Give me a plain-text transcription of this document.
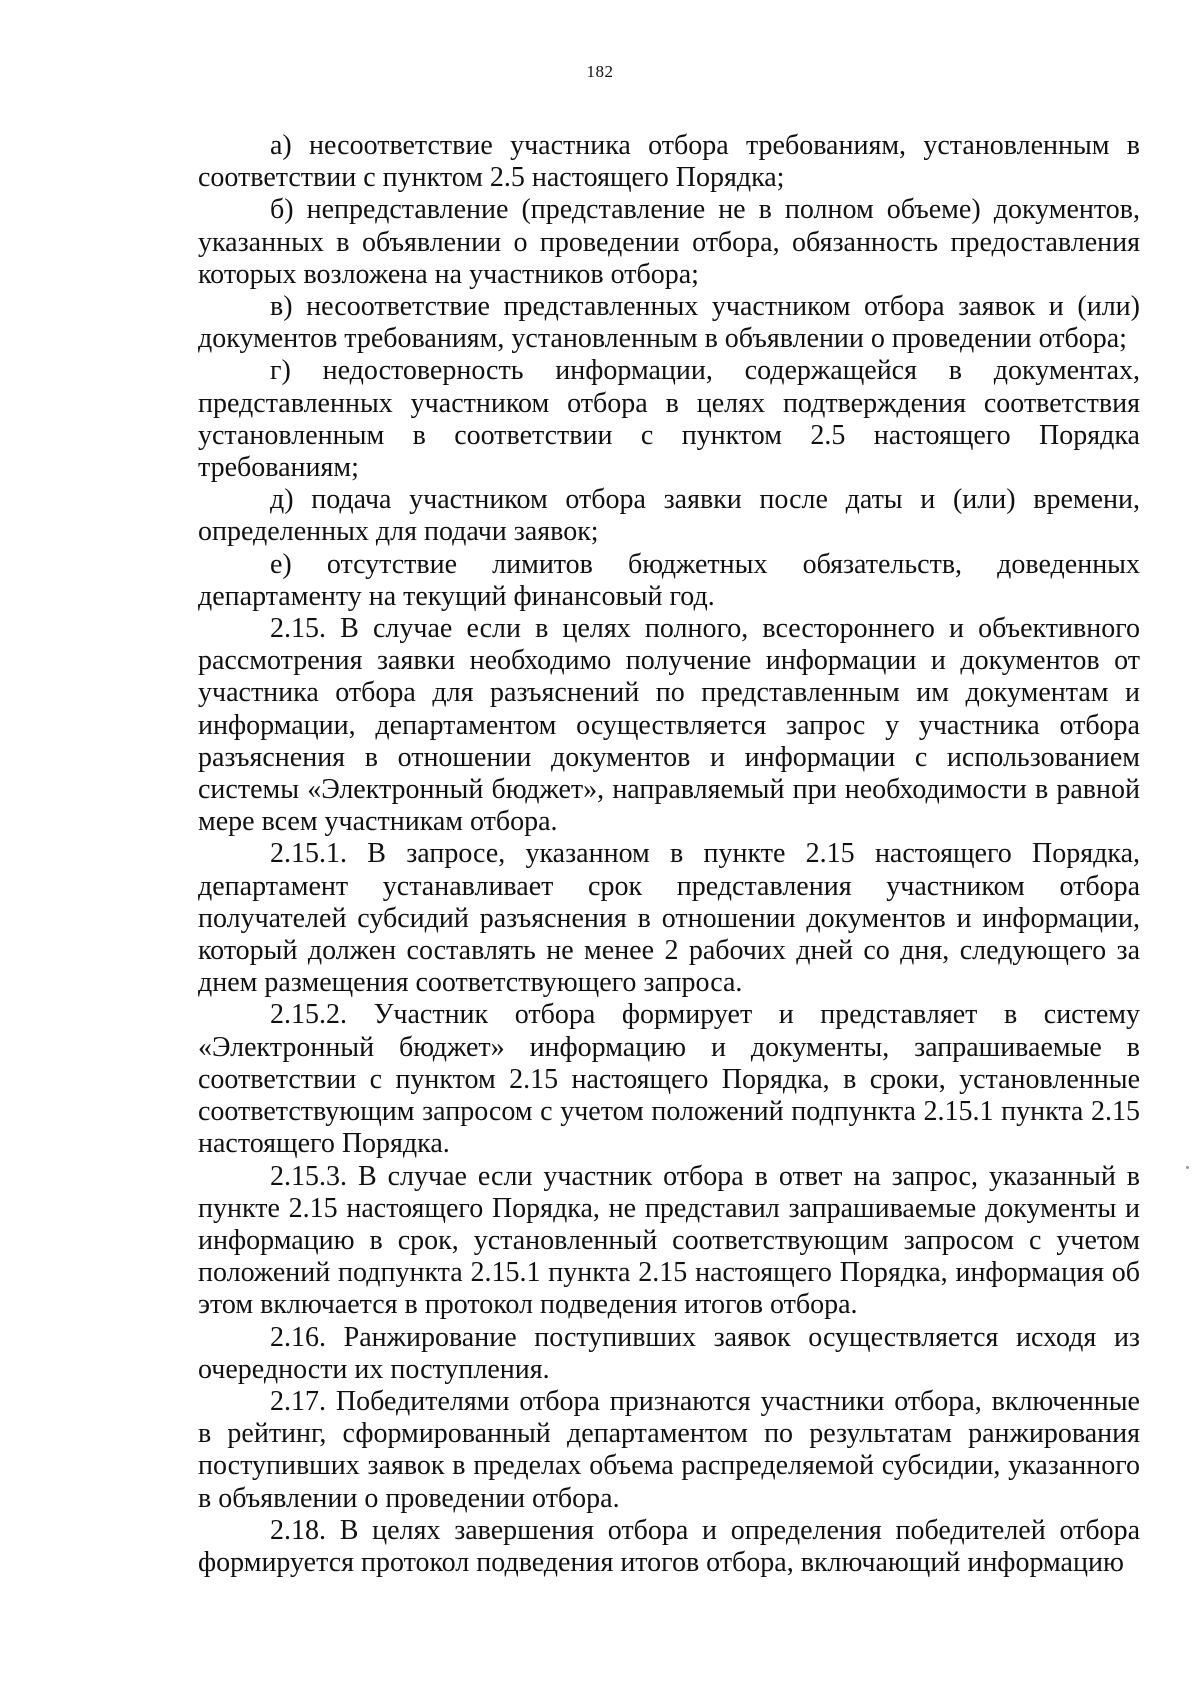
182

а) несоответствие участника отбора требованиям, установленным в соответствии с пунктом 2.5 настоящего Порядка;

б) непредставление (представление не в полном объеме) документов, указанных в объявлении о проведении отбора, обязанность предоставления которых возложена на участников отбора;

в) несоответствие представленных участником отбора заявок и (или) документов требованиям, установленным в объявлении о проведении отбора;

г) недостоверность информации, содержащейся в документах, представленных участником отбора в целях подтверждения соответствия установленным в соответствии с пунктом 2.5 настоящего Порядка требованиям;

д) подача участником отбора заявки после даты и (или) времени, определенных для подачи заявок;

е) отсутствие лимитов бюджетных обязательств, доведенных департаменту на текущий финансовый год.

2.15. В случае если в целях полного, всестороннего и объективного рассмотрения заявки необходимо получение информации и документов от участника отбора для разъяснений по представленным им документам и информации, департаментом осуществляется запрос у участника отбора разъяснения в отношении документов и информации с использованием системы «Электронный бюджет», направляемый при необходимости в равной мере всем участникам отбора.

2.15.1. В запросе, указанном в пункте 2.15 настоящего Порядка, департамент устанавливает срок представления участником отбора получателей субсидий разъяснения в отношении документов и информации, который должен составлять не менее 2 рабочих дней со дня, следующего за днем размещения соответствующего запроса.

2.15.2. Участник отбора формирует и представляет в систему «Электронный бюджет» информацию и документы, запрашиваемые в соответствии с пунктом 2.15 настоящего Порядка, в сроки, установленные соответствующим запросом с учетом положений подпункта 2.15.1 пункта 2.15 настоящего Порядка.

2.15.3. В случае если участник отбора в ответ на запрос, указанный в пункте 2.15 настоящего Порядка, не представил запрашиваемые документы и информацию в срок, установленный соответствующим запросом с учетом положений подпункта 2.15.1 пункта 2.15 настоящего Порядка, информация об этом включается в протокол подведения итогов отбора.

2.16. Ранжирование поступивших заявок осуществляется исходя из очередности их поступления.

2.17. Победителями отбора признаются участники отбора, включенные в рейтинг, сформированный департаментом по результатам ранжирования поступивших заявок в пределах объема распределяемой субсидии, указанного в объявлении о проведении отбора.

2.18. В целях завершения отбора и определения победителей отбора формируется протокол подведения итогов отбора, включающий информацию
